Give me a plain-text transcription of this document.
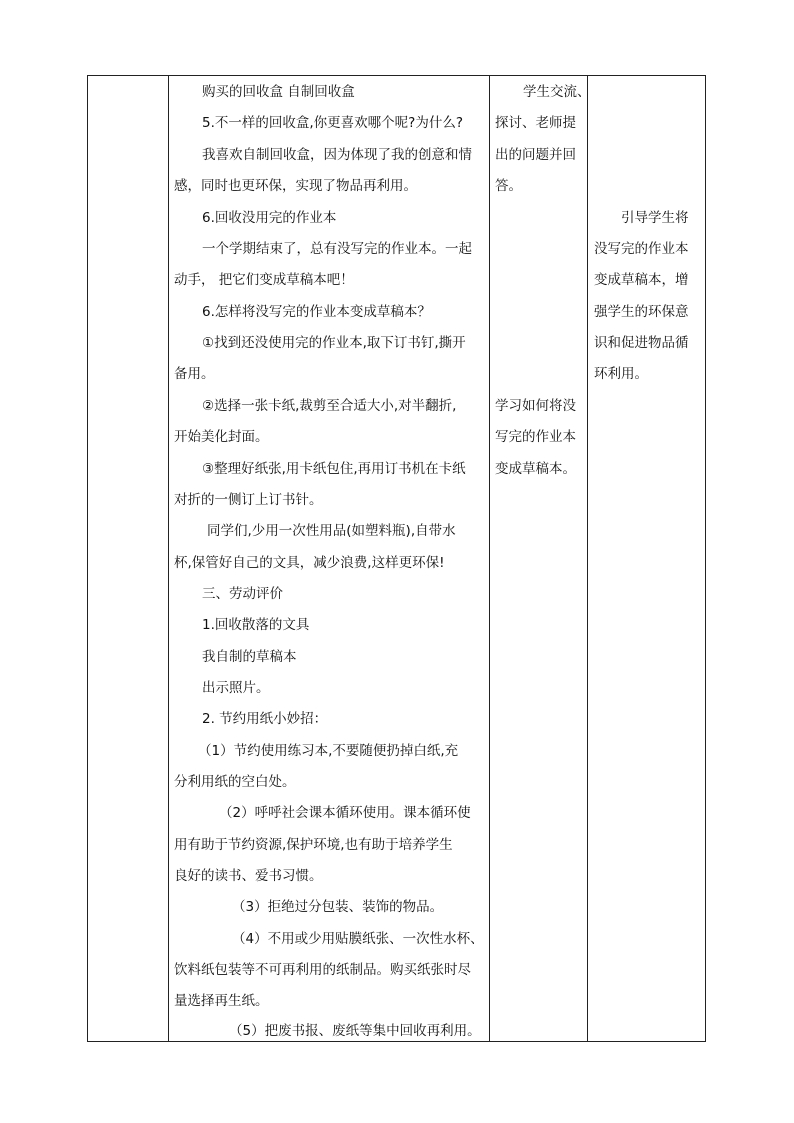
购买的回收盒 自制回收盒
5.不一样的回收盒,你更喜欢哪个呢?为什么?
我喜欢自制回收盒，因为体现了我的创意和情
感，同时也更环保，实现了物品再利用。
6.回收没用完的作业本
一个学期结束了，总有没写完的作业本。一起
动手， 把它们变成草稿本吧！
6.怎样将没写完的作业本变成草稿本？
①找到还没使用完的作业本,取下订书钉,撕开
备用。
②选择一张卡纸,裁剪至合适大小,对半翻折,
开始美化封面。
③整理好纸张,用卡纸包住,再用订书机在卡纸
对折的一侧订上订书针。
同学们,少用一次性用品(如塑料瓶),自带水
杯,保管好自己的文具，减少浪费,这样更环保!
三、劳动评价
1.回收散落的文具
我自制的草稿本
出示照片。
2. 节约用纸小妙招：
（1）节约使用练习本,不要随便扔掉白纸,充
分利用纸的空白处。
（2）呼呼社会课本循环使用。课本循环使
用有助于节约资源,保护环境,也有助于培养学生
良好的读书、爱书习惯。
（3）拒绝过分包装、装饰的物品。
（4）不用或少用贴膜纸张、一次性水杯、
饮料纸包装等不可再利用的纸制品。购买纸张时尽
量选择再生纸。
（5）把废书报、废纸等集中回收再利用。
学生交流、
探讨、老师提
出的问题并回
答。
学习如何将没
写完的作业本
变成草稿本。
引导学生将
没写完的作业本
变成草稿本，增
强学生的环保意
识和促进物品循
环利用。
